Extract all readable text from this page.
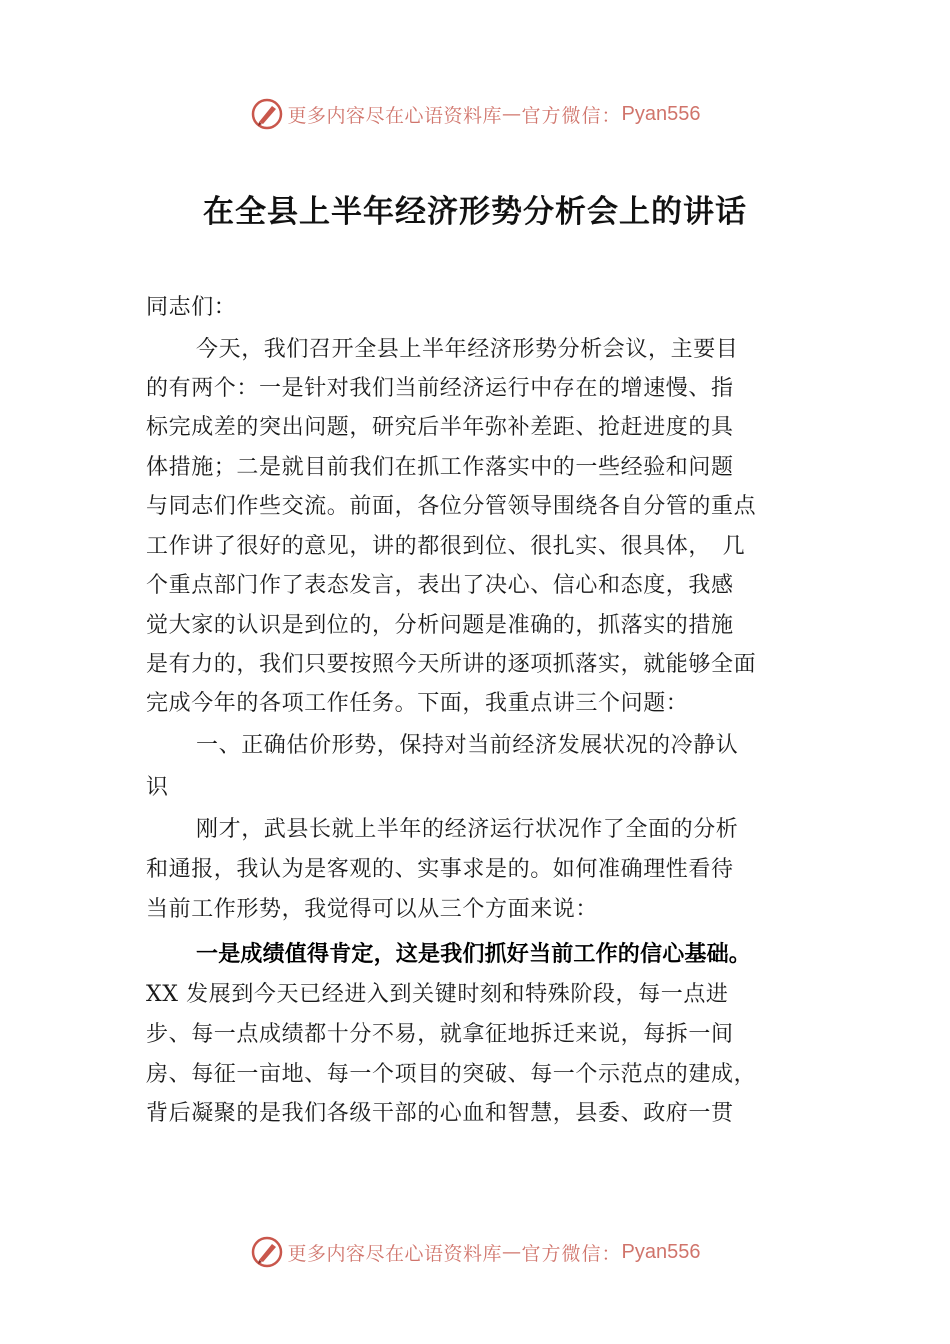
更多内容尽在心语资料库 — 官方微信： Pyan556
在全县上半年经济形势分析会上的讲话
同志们：
今天，我们召开全县上半年经济形势分析会议，主要目
的有两个：一是针对我们当前经济运行中存在的增速慢、指
标完成差的突出问题，研究后半年弥补差距、抢赶进度的具
体措施；二是就目前我们在抓工作落实中的一些经验和问题
与同志们作些交流。前面，各位分管领导围绕各自分管的重点
工作讲了很好的意见，讲的都很到位、很扎实、很具体，　几
个重点部门作了表态发言，表出了决心、信心和态度，我感
觉大家的认识是到位的，分析问题是准确的，抓落实的措施
是有力的，我们只要按照今天所讲的逐项抓落实，就能够全面
完成今年的各项工作任务。下面，我重点讲三个问题：
一、正确估价形势，保持对当前经济发展状况的冷静认
识
刚才，武县长就上半年的经济运行状况作了全面的分析
和通报，我认为是客观的、实事求是的。如何准确理性看待
当前工作形势，我觉得可以从三个方面来说：
一是成绩值得肯定，这是我们抓好当前工作的信心基础。
XX 发展到今天已经进入到关键时刻和特殊阶段，每一点进
步、每一点成绩都十分不易，就拿征地拆迁来说，每拆一间
房、每征一亩地、每一个项目的突破、每一个示范点的建成，
背后凝聚的是我们各级干部的心血和智慧，县委、政府一贯
更多内容尽在心语资料库 — 官方微信： Pyan556
